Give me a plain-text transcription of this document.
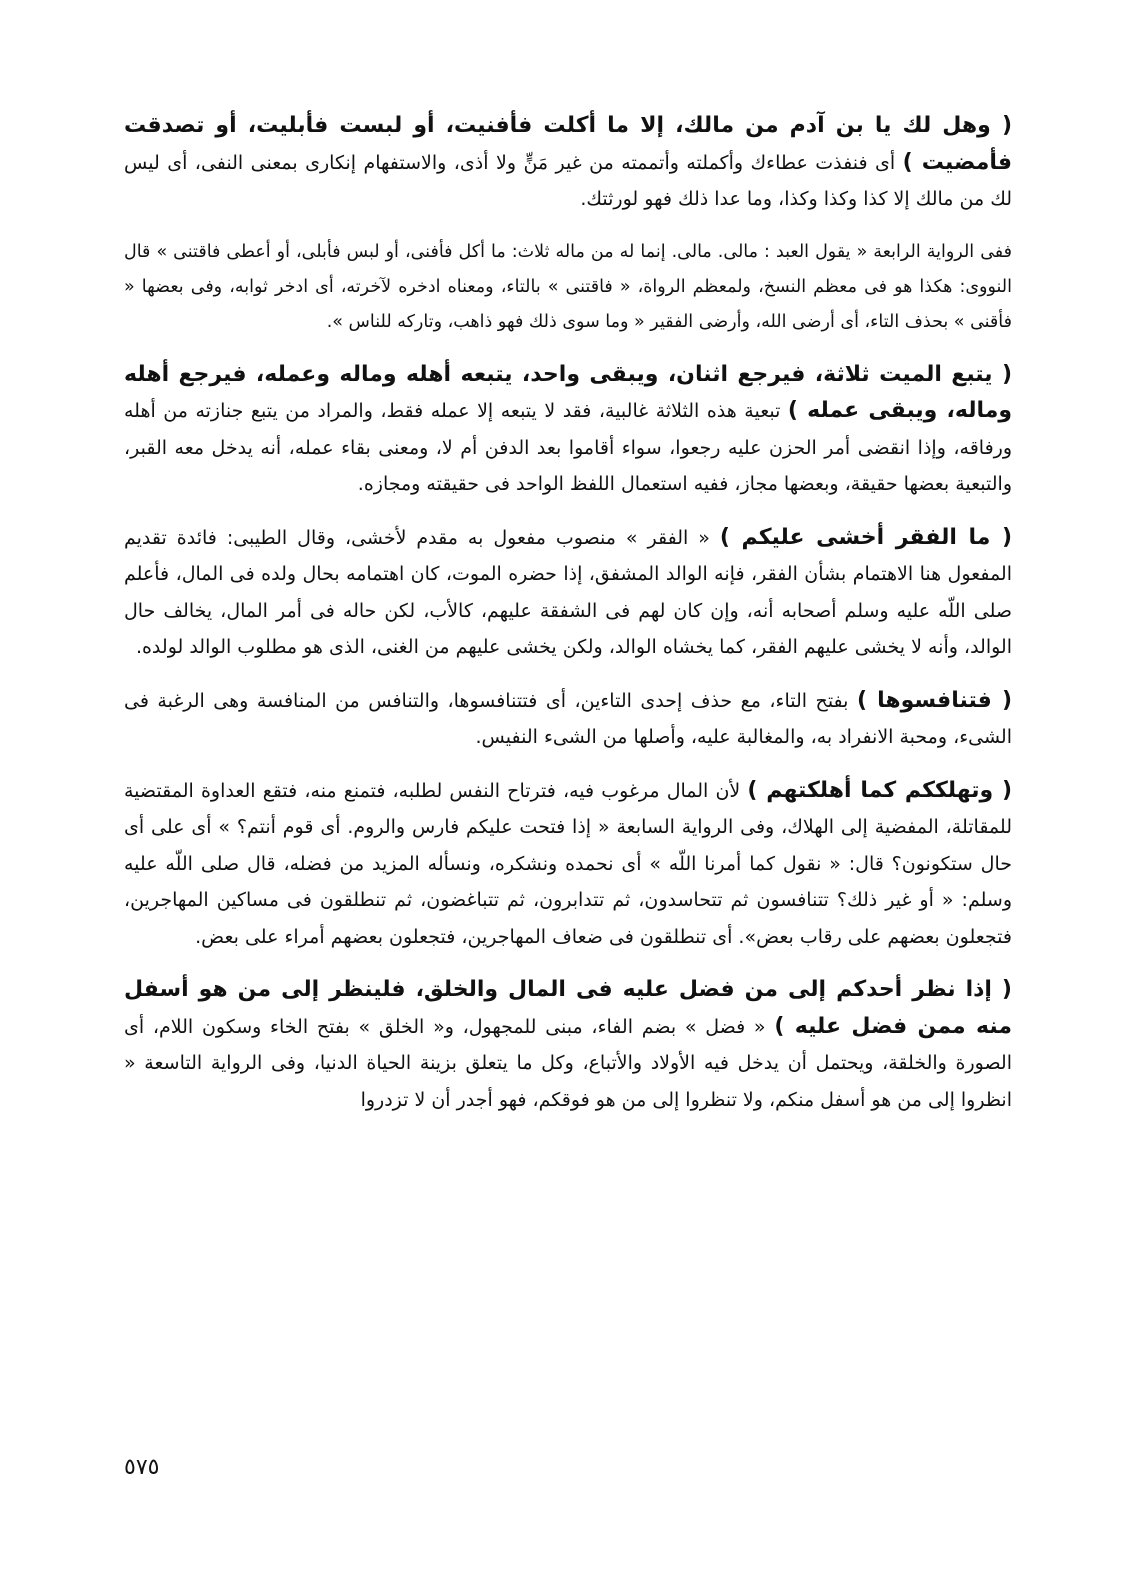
( وهل لك يا بن آدم من مالك، إلا ما أكلت فأفنيت، أو لبست فأبليت، أو تصدقت فأمضيت ) أى فنفذت عطاءك وأكملته وأتممته من غير مَنٍّ ولا أذى، والاستفهام إنكارى بمعنى النفى، أى ليس لك من مالك إلا كذا وكذا وكذا، وما عدا ذلك فهو لورثتك.

ففى الرواية الرابعة « يقول العبد : مالى. مالى. إنما له من ماله ثلاث: ما أكل فأفنى، أو لبس فأبلى، أو أعطى فاقتنى » قال النووى: هكذا هو فى معظم النسخ، ولمعظم الرواة، « فاقتنى » بالتاء، ومعناه ادخره لآخرته، أى ادخر ثوابه، وفى بعضها « فأقنى » بحذف التاء، أى أرضى الله، وأرضى الفقير « وما سوى ذلك فهو ذاهب، وتاركه للناس ».

( يتبع الميت ثلاثة، فيرجع اثنان، ويبقى واحد، يتبعه أهله وماله وعمله، فيرجع أهله وماله، ويبقى عمله ) تبعية هذه الثلاثة غالبية، فقد لا يتبعه إلا عمله فقط، والمراد من يتبع جنازته من أهله ورفاقه، وإذا انقضى أمر الحزن عليه رجعوا، سواء أقاموا بعد الدفن أم لا، ومعنى بقاء عمله، أنه يدخل معه القبر، والتبعية بعضها حقيقة، وبعضها مجاز، ففيه استعمال اللفظ الواحد فى حقيقته ومجازه.

( ما الفقر أخشى عليكم ) « الفقر » منصوب مفعول به مقدم لأخشى، وقال الطيبى: فائدة تقديم المفعول هنا الاهتمام بشأن الفقر، فإنه الوالد المشفق، إذا حضره الموت، كان اهتمامه بحال ولده فى المال، فأعلم صلى اللّه عليه وسلم أصحابه أنه، وإن كان لهم فى الشفقة عليهم، كالأب، لكن حاله فى أمر المال، يخالف حال الوالد، وأنه لا يخشى عليهم الفقر، كما يخشاه الوالد، ولكن يخشى عليهم من الغنى، الذى هو مطلوب الوالد لولده.

( فتنافسوها ) بفتح التاء، مع حذف إحدى التاءين، أى فتتنافسوها، والتنافس من المنافسة وهى الرغبة فى الشىء، ومحبة الانفراد به، والمغالبة عليه، وأصلها من الشىء النفيس.

( وتهلككم كما أهلكتهم ) لأن المال مرغوب فيه، فترتاح النفس لطلبه، فتمنع منه، فتقع العداوة المقتضية للمقاتلة، المفضية إلى الهلاك، وفى الرواية السابعة « إذا فتحت عليكم فارس والروم. أى قوم أنتم؟ » أى على أى حال ستكونون؟ قال: « نقول كما أمرنا اللّه » أى نحمده ونشكره، ونسأله المزيد من فضله، قال صلى اللّه عليه وسلم: « أو غير ذلك؟ تتنافسون ثم تتحاسدون، ثم تتدابرون، ثم تتباغضون، ثم تنطلقون فى مساكين المهاجرين، فتجعلون بعضهم على رقاب بعض». أى تنطلقون فى ضعاف المهاجرين، فتجعلون بعضهم أمراء على بعض.

( إذا نظر أحدكم إلى من فضل عليه فى المال والخلق، فلينظر إلى من هو أسفل منه ممن فضل عليه ) « فضل » بضم الفاء، مبنى للمجهول، و« الخلق » بفتح الخاء وسكون اللام، أى الصورة والخلقة، ويحتمل أن يدخل فيه الأولاد والأتباع، وكل ما يتعلق بزينة الحياة الدنيا، وفى الرواية التاسعة « انظروا إلى من هو أسفل منكم، ولا تنظروا إلى من هو فوقكم، فهو أجدر أن لا تزدروا

٥٧٥
